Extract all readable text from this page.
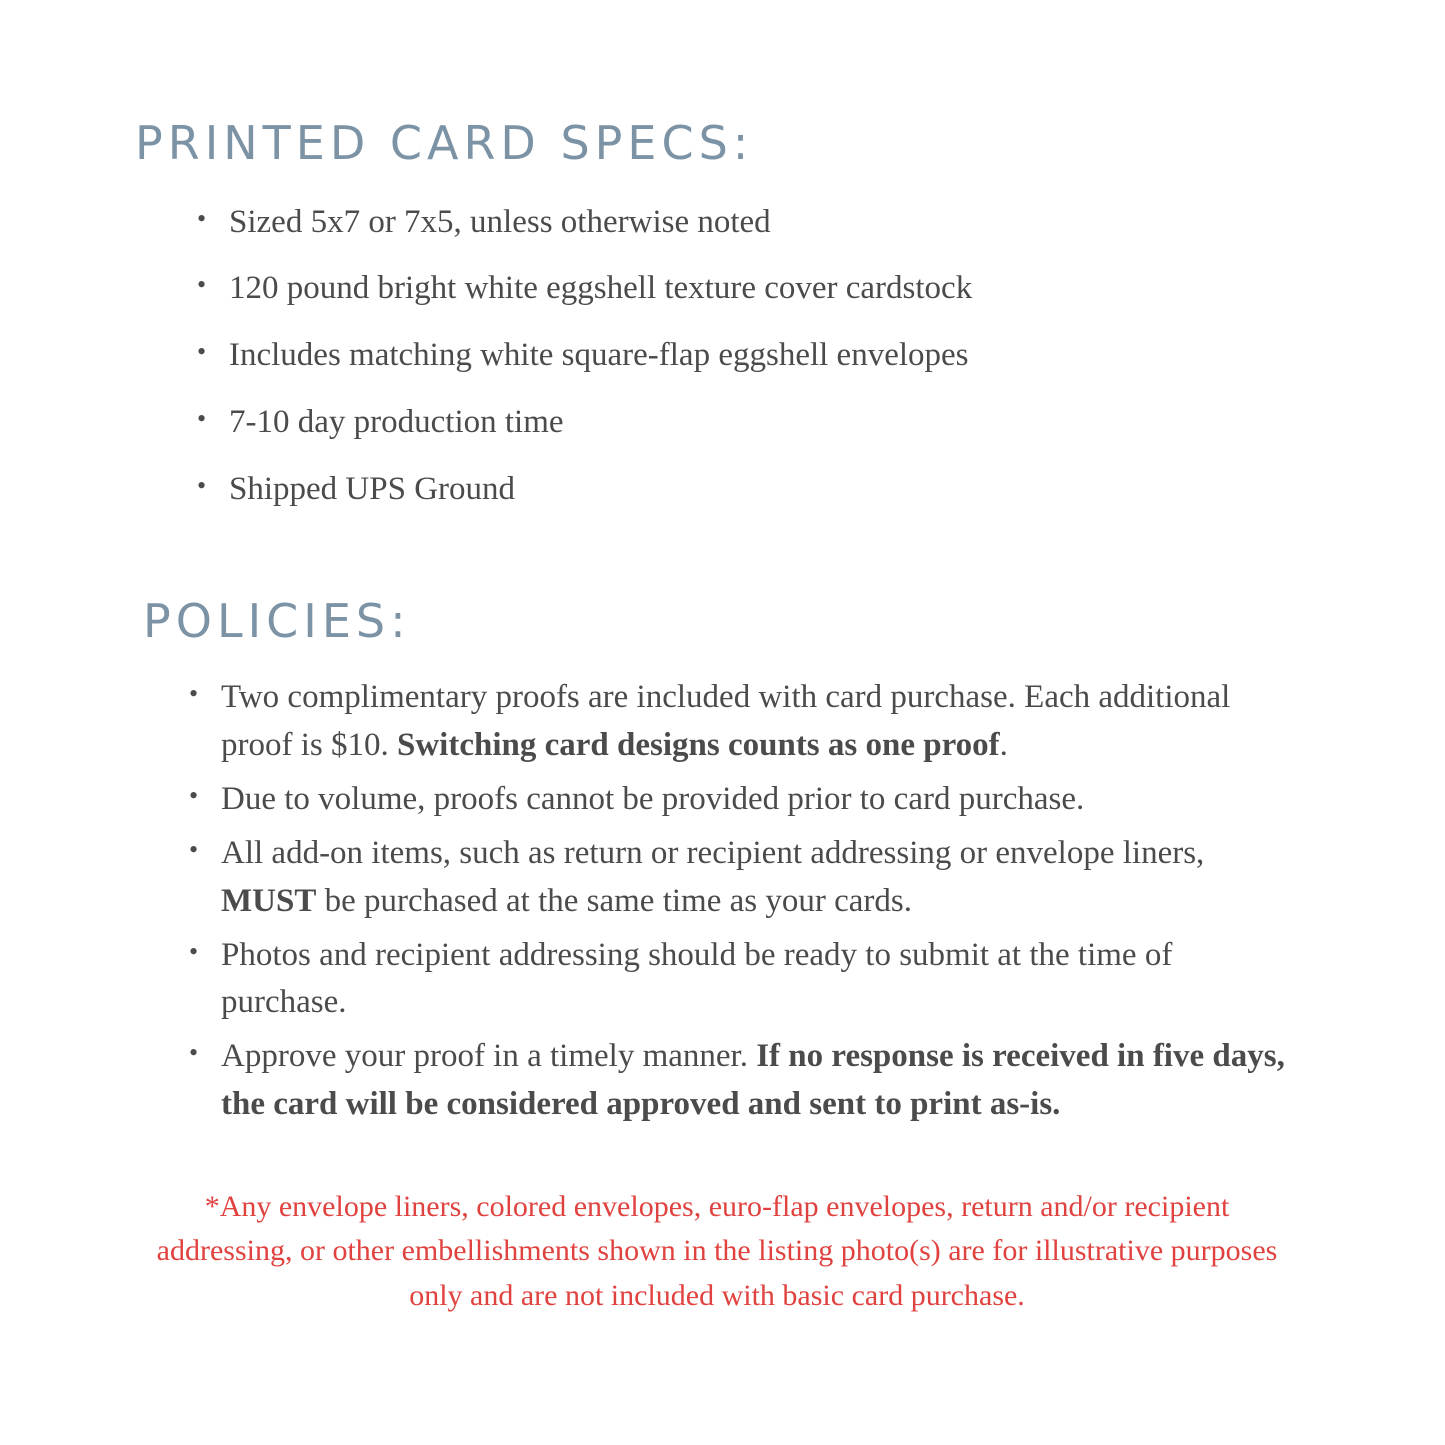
PRINTED CARD SPECS:
• Sized 5x7 or 7x5, unless otherwise noted
• 120 pound bright white eggshell texture cover cardstock
• Includes matching white square-flap eggshell envelopes
• 7-10 day production time
• Shipped UPS Ground
POLICIES:
• Two complimentary proofs are included with card purchase. Each additional proof is $10. Switching card designs counts as one proof.
• Due to volume, proofs cannot be provided prior to card purchase.
• All add-on items, such as return or recipient addressing or envelope liners, MUST be purchased at the same time as your cards.
• Photos and recipient addressing should be ready to submit at the time of purchase.
• Approve your proof in a timely manner. If no response is received in five days, the card will be considered approved and sent to print as-is.

*Any envelope liners, colored envelopes, euro-flap envelopes, return and/or recipient addressing, or other embellishments shown in the listing photo(s) are for illustrative purposes only and are not included with basic card purchase.
